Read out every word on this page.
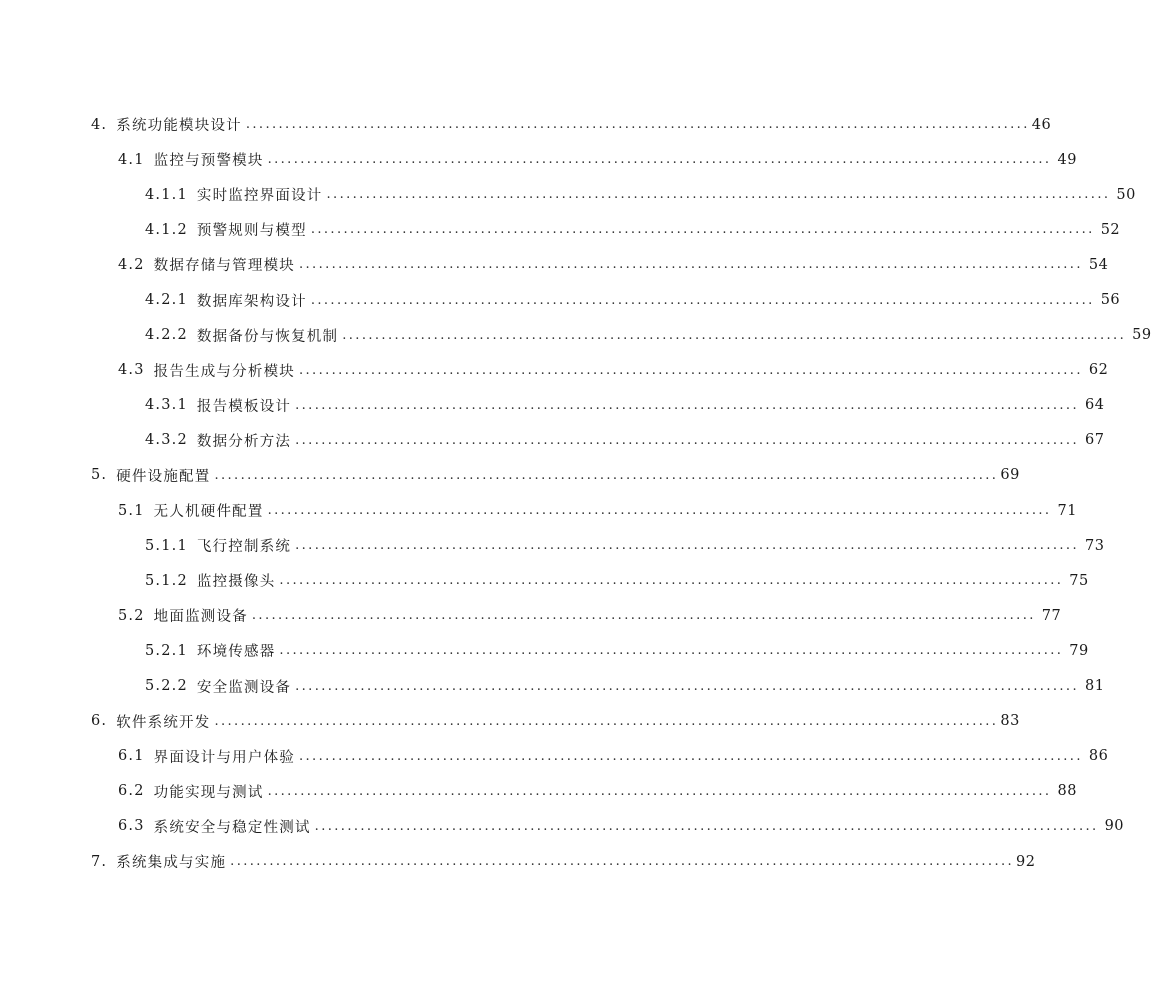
4. 系统功能模块设计 ........................................................................................................................ 46
4.1 监控与预警模块 ........................................................................................................................ 49
4.1.1 实时监控界面设计 ........................................................................................................................ 50
4.1.2 预警规则与模型 ........................................................................................................................ 52
4.2 数据存储与管理模块 ........................................................................................................................ 54
4.2.1 数据库架构设计 ........................................................................................................................ 56
4.2.2 数据备份与恢复机制 ........................................................................................................................ 59
4.3 报告生成与分析模块 ........................................................................................................................ 62
4.3.1 报告模板设计 ........................................................................................................................ 64
4.3.2 数据分析方法 ........................................................................................................................ 67
5. 硬件设施配置 ........................................................................................................................ 69
5.1 无人机硬件配置 ........................................................................................................................ 71
5.1.1 飞行控制系统 ........................................................................................................................ 73
5.1.2 监控摄像头 ........................................................................................................................ 75
5.2 地面监测设备 ........................................................................................................................ 77
5.2.1 环境传感器 ........................................................................................................................ 79
5.2.2 安全监测设备 ........................................................................................................................ 81
6. 软件系统开发 ........................................................................................................................ 83
6.1 界面设计与用户体验 ........................................................................................................................ 86
6.2 功能实现与测试 ........................................................................................................................ 88
6.3 系统安全与稳定性测试 ........................................................................................................................ 90
7. 系统集成与实施 ........................................................................................................................ 92
